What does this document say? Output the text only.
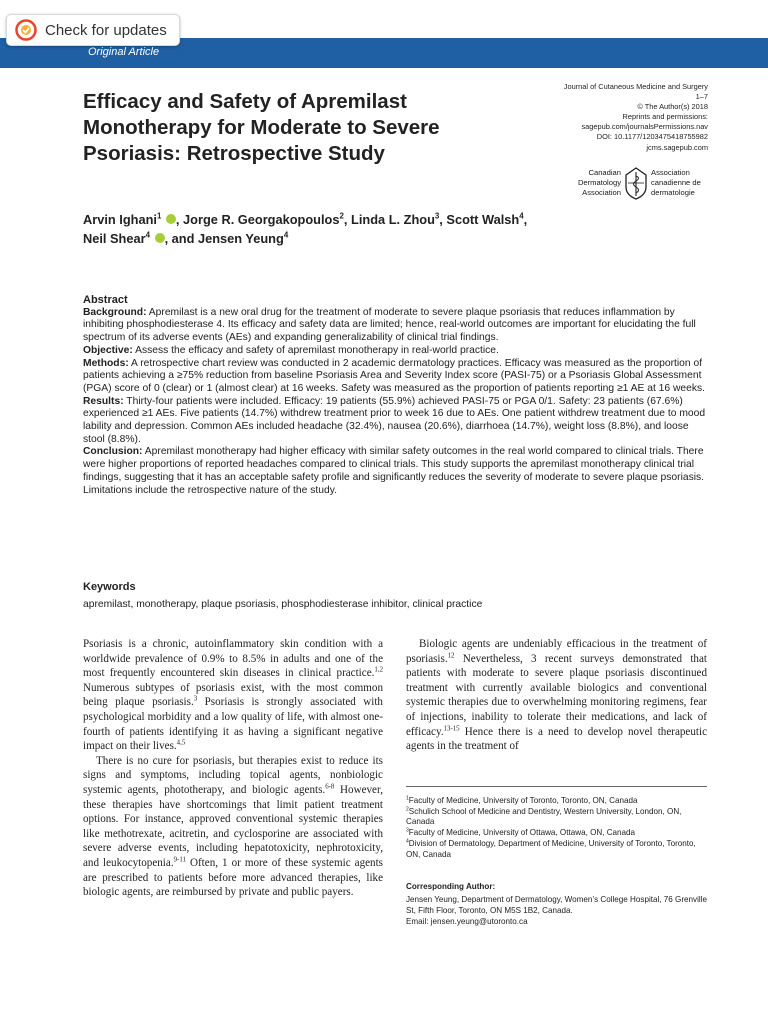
Check for updates
Original Article
Efficacy and Safety of Apremilast Monotherapy for Moderate to Severe Psoriasis: Retrospective Study
Journal of Cutaneous Medicine and Surgery
1–7
© The Author(s) 2018
Reprints and permissions:
sagepub.com/journalsPermissions.nav
DOI: 10.1177/1203475418755982
jcms.sagepub.com
Canadian
Dermatology
Association
Association
canadienne de
dermatologie
Arvin Ighani$^1$ , Jorge R. Georgakopoulos$^2$, Linda L. Zhou$^3$, Scott Walsh$^4$, Neil Shear$^4$ , and Jensen Yeung$^4$
Abstract

Background: Apremilast is a new oral drug for the treatment of moderate to severe plaque psoriasis that reduces inflammation by inhibiting phosphodiesterase 4. Its efficacy and safety data are limited; hence, real-world outcomes are important for elucidating the full spectrum of its adverse events (AEs) and expanding generalizability of clinical trial findings.

Objective: Assess the efficacy and safety of apremilast monotherapy in real-world practice.

Methods: A retrospective chart review was conducted in 2 academic dermatology practices. Efficacy was measured as the proportion of patients achieving a ≥75% reduction from baseline Psoriasis Area and Severity Index score (PASI-75) or a Psoriasis Global Assessment (PGA) score of 0 (clear) or 1 (almost clear) at 16 weeks. Safety was measured as the proportion of patients reporting ≥1 AE at 16 weeks.

Results: Thirty-four patients were included. Efficacy: 19 patients (55.9%) achieved PASI-75 or PGA 0/1. Safety: 23 patients (67.6%) experienced ≥1 AEs. Five patients (14.7%) withdrew treatment prior to week 16 due to AEs. One patient withdrew treatment due to mood lability and depression. Common AEs included headache (32.4%), nausea (20.6%), diarrhoea (14.7%), weight loss (8.8%), and loose stool (8.8%).

Conclusion: Apremilast monotherapy had higher efficacy with similar safety outcomes in the real world compared to clinical trials. There were higher proportions of reported headaches compared to clinical trials. This study supports the apremilast monotherapy clinical trial findings, suggesting that it has an acceptable safety profile and significantly reduces the severity of moderate to severe plaque psoriasis. Limitations include the retrospective nature of the study.

Keywords
apremilast, monotherapy, plaque psoriasis, phosphodiesterase inhibitor, clinical practice

Psoriasis is a chronic, autoinflammatory skin condition with a worldwide prevalence of 0.9% to 8.5% in adults and one of the most frequently encountered skin diseases in clinical practice.$^{1,2}$ Numerous subtypes of psoriasis exist, with the most common being plaque psoriasis.$^3$ Psoriasis is strongly associated with psychological morbidity and a low quality of life, with almost one-fourth of patients identifying it as having a significant negative impact on their lives.$^{4,5}$

There is no cure for psoriasis, but therapies exist to reduce its signs and symptoms, including topical agents, nonbiologic systemic agents, phototherapy, and biologic agents.$^{6-8}$ However, these therapies have shortcomings that limit patient treatment options. For instance, approved conventional systemic therapies like methotrexate, acitretin, and cyclosporine are associated with severe adverse events, including hepatotoxicity, nephrotoxicity, and leukocytopenia.$^{9-11}$ Often, 1 or more of these systemic agents are prescribed to patients before more advanced therapies, like biologic agents, are reimbursed by private and public payers.

Biologic agents are undeniably efficacious in the treatment of psoriasis.$^{12}$ Nevertheless, 3 recent surveys demonstrated that patients with moderate to severe plaque psoriasis discontinued treatment with currently available biologics and conventional systemic therapies due to overwhelming monitoring regimens, fear of injections, inability to tolerate their medications, and lack of efficacy.$^{13-15}$ Hence there is a need to develop novel therapeutic agents in the treatment of

$^1$Faculty of Medicine, University of Toronto, Toronto, ON, Canada
$^2$Schulich School of Medicine and Dentistry, Western University, London, ON, Canada
$^3$Faculty of Medicine, University of Ottawa, Ottawa, ON, Canada
$^4$Division of Dermatology, Department of Medicine, University of Toronto, Toronto, ON, Canada
Corresponding Author:
Jensen Yeung, Department of Dermatology, Women’s College Hospital, 76 Grenville St, Fifth Floor, Toronto, ON M5S 1B2, Canada.
Email: jensen.yeung@utoronto.ca
